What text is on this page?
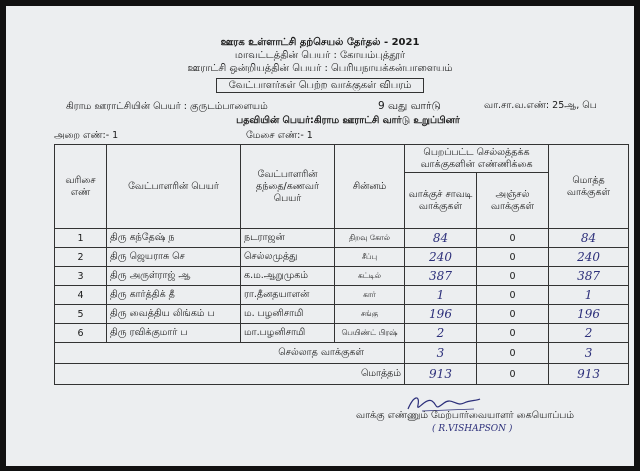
ஊரக உள்ளாட்சி தற்செயல் தேர்தல் - 2021
மாவட்டத்தின் பெயர் : கோயம்புத்தூர்
ஊராட்சி ஒன்றியத்தின் பெயர் : பெரியநாயக்கன்பாளையம்
வேட்பாளர்கள் பெற்ற வாக்குகள் விபரம்
கிராம ஊராட்சியின் பெயர் : குருடம்பாளையம்	9 வது வார்டு	வா.சா.வ.எண்: 25ஆ, பெ
பதவியின் பெயர்:கிராம ஊராட்சி வார்டு உறுப்பினர்
அறை எண்:- 1	மேசை எண்:- 1
வரிசை எண்	வேட்பாளரின் பெயர்	வேட்பாளரின் தந்தை/கணவர் பெயர்	சின்னம்	பெறப்பட்ட செல்லத்தக்க வாக்குகளின் எண்ணிக்கை		மொத்த வாக்குகள்
				வாக்குச் சாவடி வாக்குகள்	அஞ்சல் வாக்குகள்	
1	திரு கந்தேஷ் ந	நடராஜன்	திறவு கோல்	84	0	84
2	திரு ஜெயராசு செ	செல்லமுத்து	சீப்பு	240	0	240
3	திரு அருள்ராஜ் ஆ	க.ம.ஆறுமுகம்	கட்டில்	387	0	387
4	திரு கார்த்திக் தீ	ரா.தீனதயாளன்	கார்	1	0	1
5	திரு வைத்திய லிங்கம் ப	ம. பழனிசாமி	சங்கு	196	0	196
6	திரு ரவிக்குமார் ப	மா.பழனிசாமி	பெயிண்ட் பிரஷ்	2	0	2
செல்லாத வாக்குகள்				3	0	3
மொத்தம்				913	0	913
வாக்கு எண்ணும் மேற்பார்வையாளர் கையொப்பம்
( R.VISHAPSON )
